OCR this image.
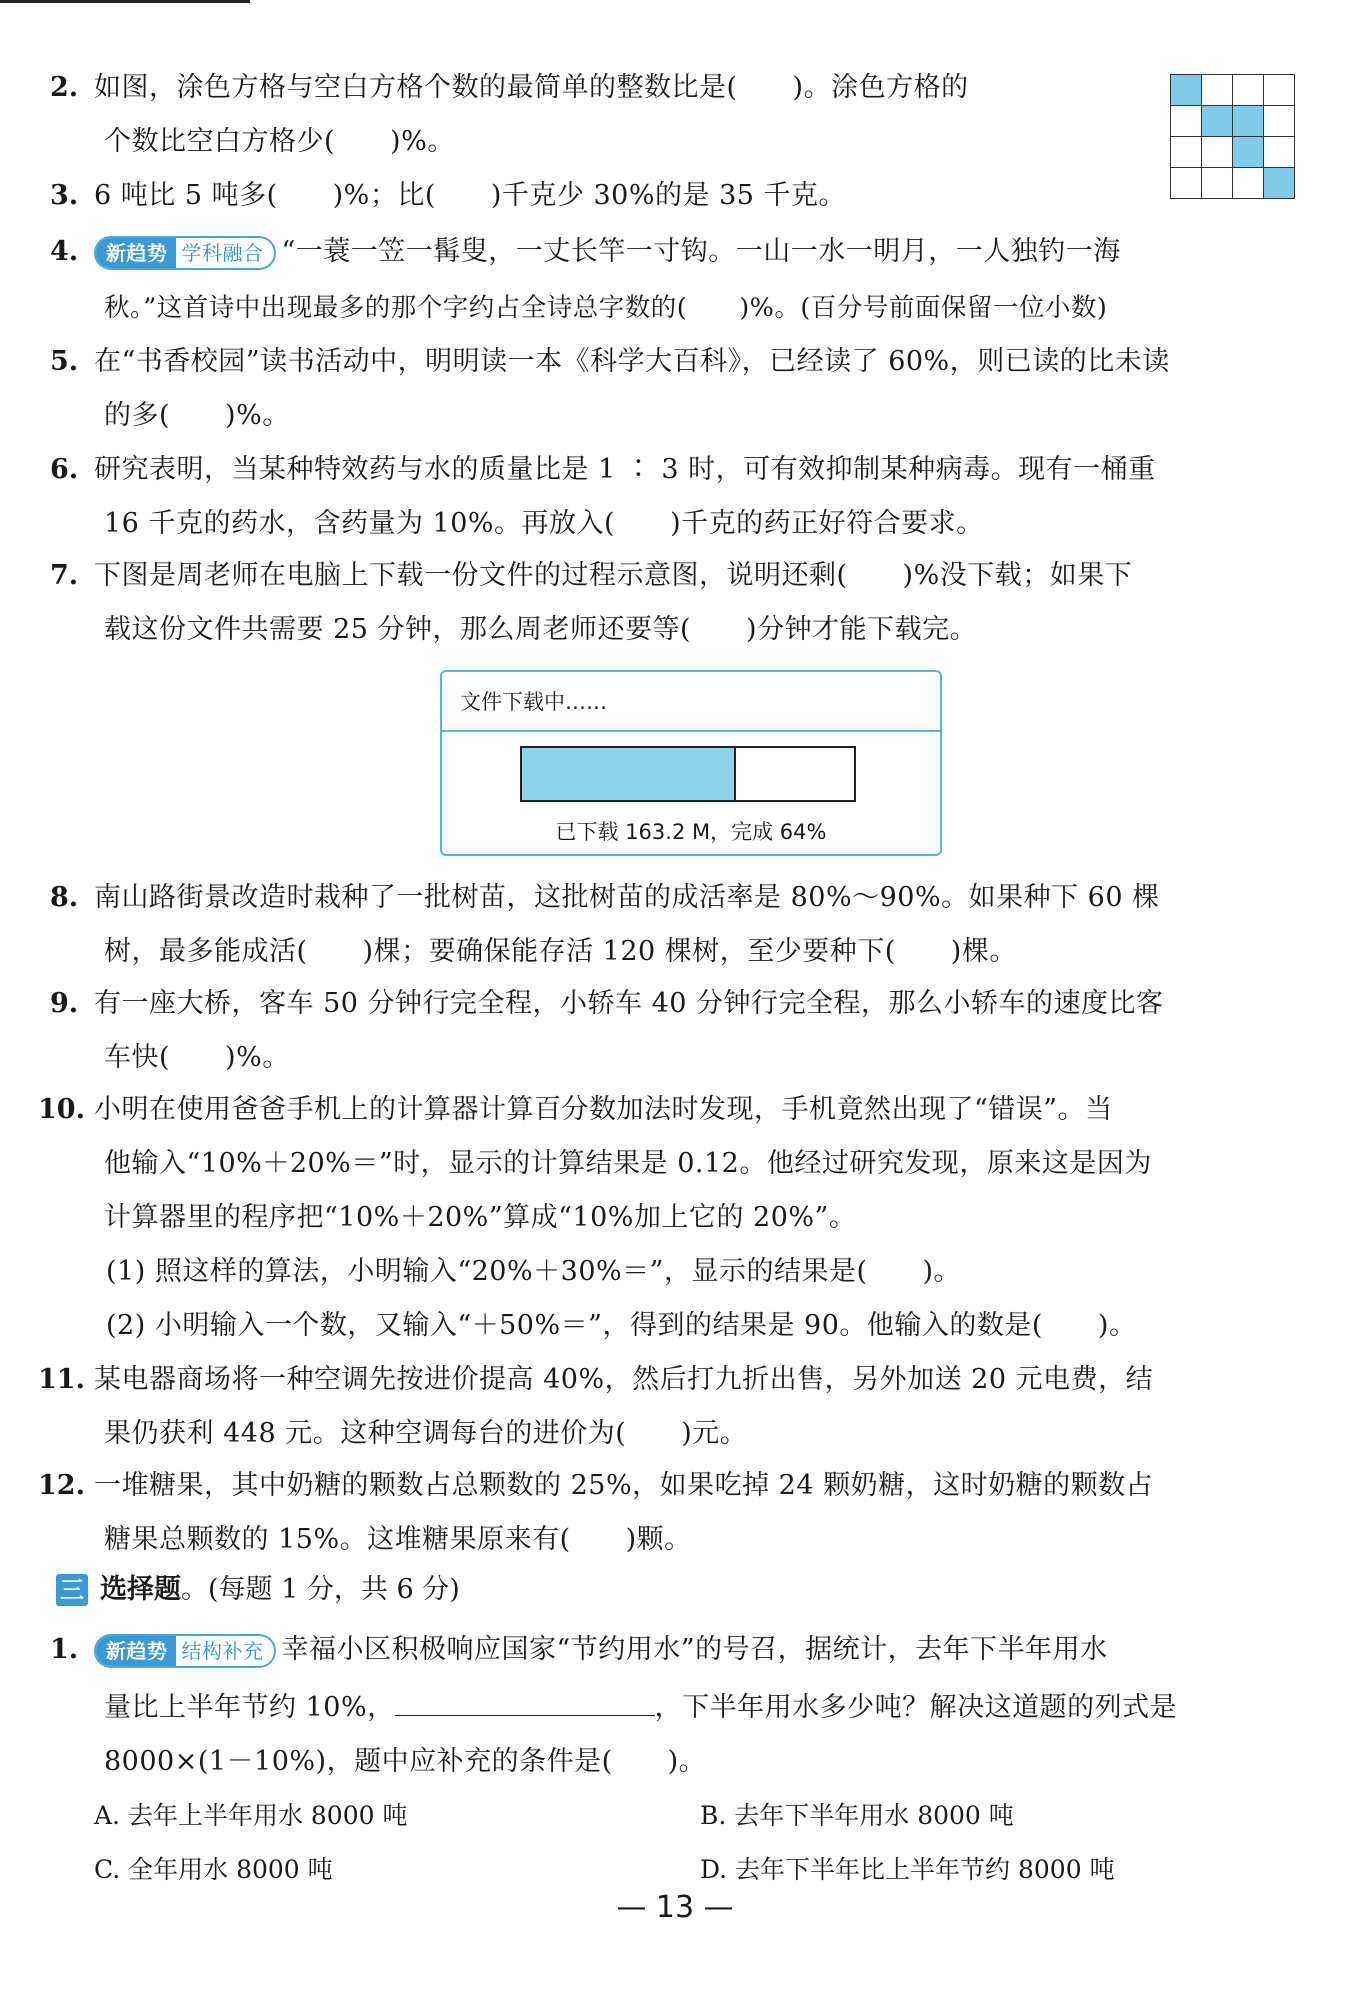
2. 如图，涂色方格与空白方格个数的最简单的整数比是(　　)。涂色方格的
个数比空白方格少(　　)%。
3. 6 吨比 5 吨多(　　)%；比(　　)千克少 30%的是 35 千克。
4.	新趋势 学科融合 “一蓑一笠一髯叟，一丈长竿一寸钩。一山一水一明月，一人独钓一海
秋。”这首诗中出现最多的那个字约占全诗总字数的(　　)%。(百分号前面保留一位小数)
5. 在“书香校园”读书活动中，明明读一本《科学大百科》，已经读了 60%，则已读的比未读
的多(　　)%。
6. 研究表明，当某种特效药与水的质量比是 1 ∶ 3 时，可有效抑制某种病毒。现有一桶重
16 千克的药水，含药量为 10%。再放入(　　)千克的药正好符合要求。
7. 下图是周老师在电脑上下载一份文件的过程示意图，说明还剩(　　)%没下载；如果下
载这份文件共需要 25 分钟，那么周老师还要等(　　)分钟才能下载完。
文件下载中……
已下载 163.2 M，完成 64%
8. 南山路街景改造时栽种了一批树苗，这批树苗的成活率是 80%～90%。如果种下 60 棵
树，最多能成活(　　)棵；要确保能存活 120 棵树，至少要种下(　　)棵。
9. 有一座大桥，客车 50 分钟行完全程，小轿车 40 分钟行完全程，那么小轿车的速度比客
车快(　　)%。
10. 小明在使用爸爸手机上的计算器计算百分数加法时发现，手机竟然出现了“错误”。当
他输入“10%＋20%＝”时，显示的计算结果是 0.12。他经过研究发现，原来这是因为
计算器里的程序把“10%＋20%”算成“10%加上它的 20%”。
(1) 照这样的算法，小明输入“20%＋30%＝”，显示的结果是(　　)。
(2) 小明输入一个数，又输入“＋50%＝”，得到的结果是 90。他输入的数是(　　)。
11. 某电器商场将一种空调先按进价提高 40%，然后打九折出售，另外加送 20 元电费，结
果仍获利 448 元。这种空调每台的进价为(　　)元。
12. 一堆糖果，其中奶糖的颗数占总颗数的 25%，如果吃掉 24 颗奶糖，这时奶糖的颗数占
糖果总颗数的 15%。这堆糖果原来有(　　)颗。
三 选择题。(每题 1 分，共 6 分)
1.	新趋势 结构补充 幸福小区积极响应国家“节约用水”的号召，据统计，去年下半年用水
量比上半年节约 10%，	，下半年用水多少吨？解决这道题的列式是
8000×(1－10%)，题中应补充的条件是(　　)。
A. 去年上半年用水 8000 吨	B. 去年下半年用水 8000 吨
C. 全年用水 8000 吨	D. 去年下半年比上半年节约 8000 吨
— 13 —
